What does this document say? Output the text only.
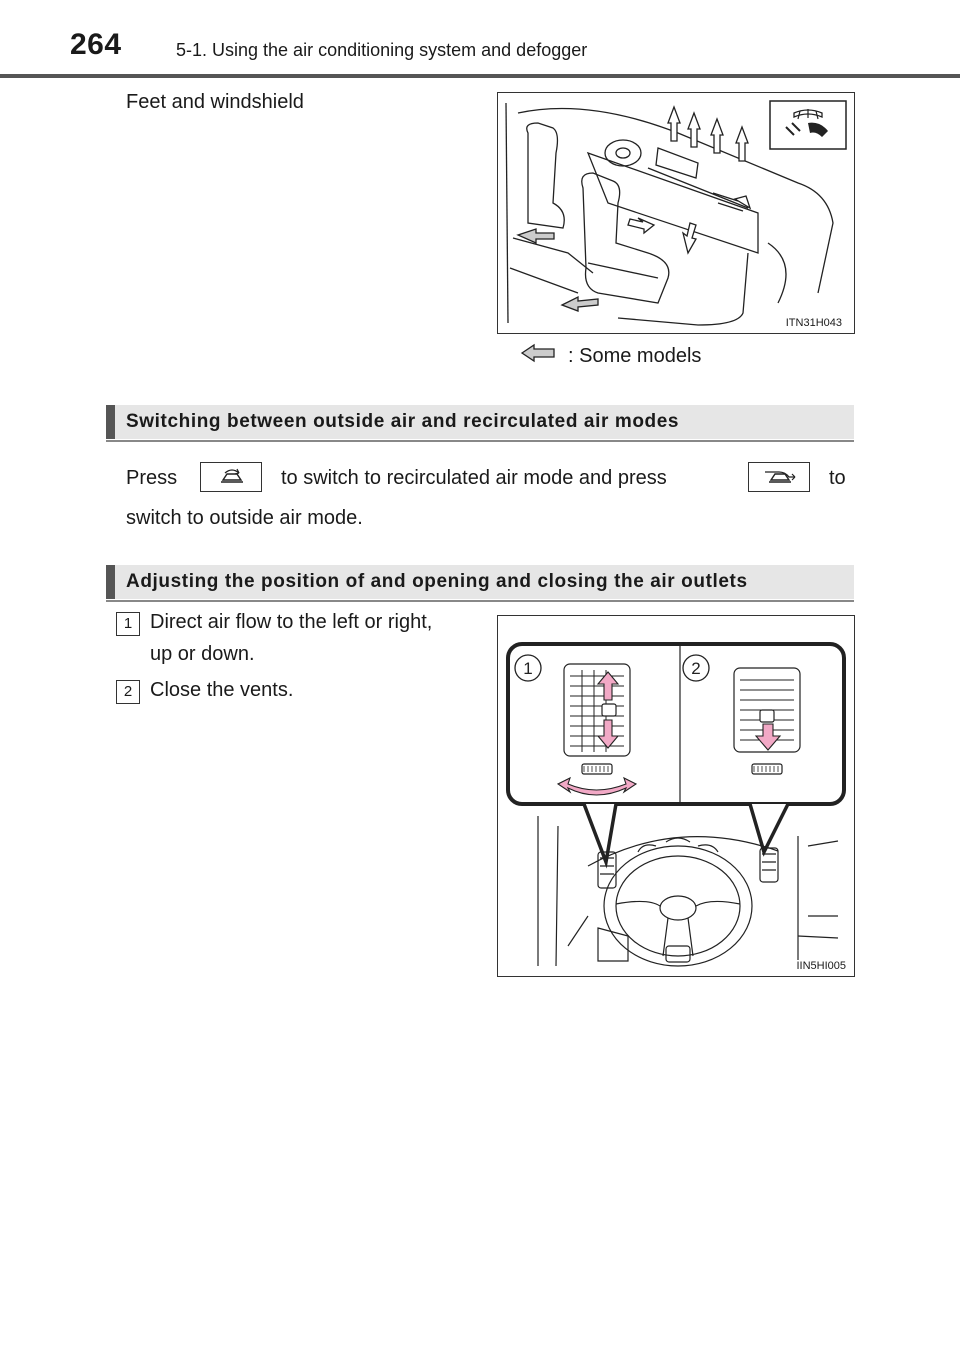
264	5-1. Using the air conditioning system and defogger
Feet and windshield
ITN31H043
: Some models
Switching between outside air and recirculated air modes
Press	to switch to recirculated air mode and press	to
switch to outside air mode.
Adjusting the position of and opening and closing the air outlets
1 Direct air flow to the left or right,
up or down.
2 Close the vents.
1	2
IIN5HI005
